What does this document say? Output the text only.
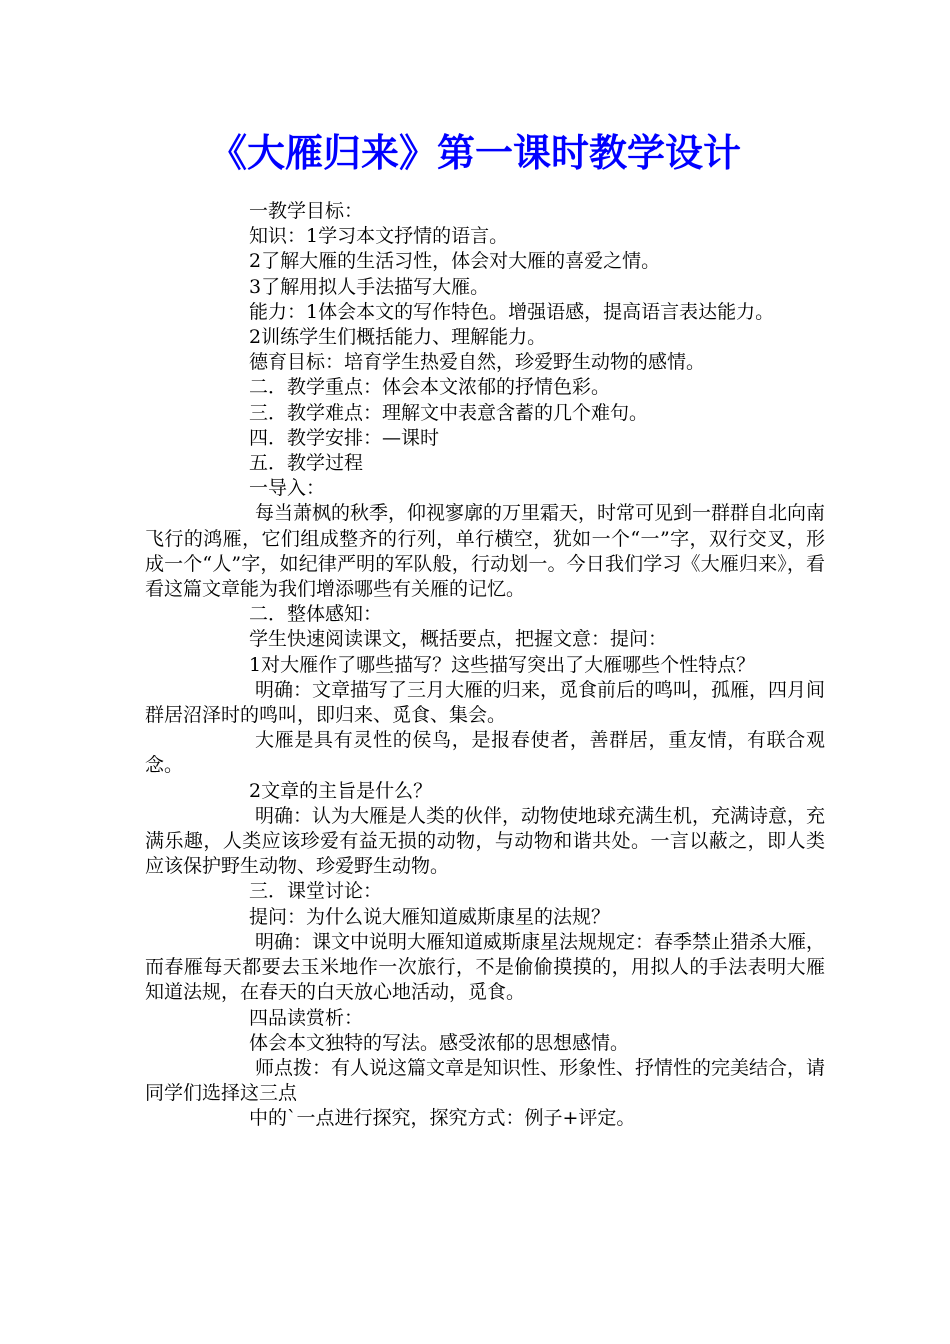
《大雁归来》第一课时教学设计

一教学目标：

知识：1学习本文抒情的语言。

2了解大雁的生活习性，体会对大雁的喜爱之情。

3了解用拟人手法描写大雁。

能力：1体会本文的写作特色。增强语感，提高语言表达能力。

2训练学生们概括能力、理解能力。

德育目标：培育学生热爱自然，珍爱野生动物的感情。

二．教学重点：体会本文浓郁的抒情色彩。

三．教学难点：理解文中表意含蓄的几个难句。

四．教学安排：—课时

五．教学过程

一导入：

每当萧枫的秋季，仰视寥廓的万里霜天，时常可见到一群群自北向南飞行的鸿雁，它们组成整齐的行列，单行横空，犹如一个“一”字，双行交叉，形成一个“人”字，如纪律严明的军队般，行动划一。今日我们学习《大雁归来》，看看这篇文章能为我们增添哪些有关雁的记忆。

二．整体感知：

学生快速阅读课文，概括要点，把握文意：提问：

1对大雁作了哪些描写？这些描写突出了大雁哪些个性特点？

明确：文章描写了三月大雁的归来，觅食前后的鸣叫，孤雁，四月间群居沼泽时的鸣叫，即归来、觅食、集会。

大雁是具有灵性的侯鸟，是报春使者，善群居，重友情，有联合观念。

2文章的主旨是什么？

明确：认为大雁是人类的伙伴，动物使地球充满生机，充满诗意，充满乐趣，人类应该珍爱有益无损的动物，与动物和谐共处。一言以蔽之，即人类应该保护野生动物、珍爱野生动物。

三．课堂讨论：

提问：为什么说大雁知道威斯康星的法规？

明确：课文中说明大雁知道威斯康星法规规定：春季禁止猎杀大雁，而春雁每天都要去玉米地作一次旅行，不是偷偷摸摸的，用拟人的手法表明大雁知道法规，在春天的白天放心地活动，觅食。

四品读赏析：

体会本文独特的写法。感受浓郁的思想感情。

师点拨：有人说这篇文章是知识性、形象性、抒情性的完美结合，请同学们选择这三点

中的`一点进行探究，探究方式：例子+评定。
